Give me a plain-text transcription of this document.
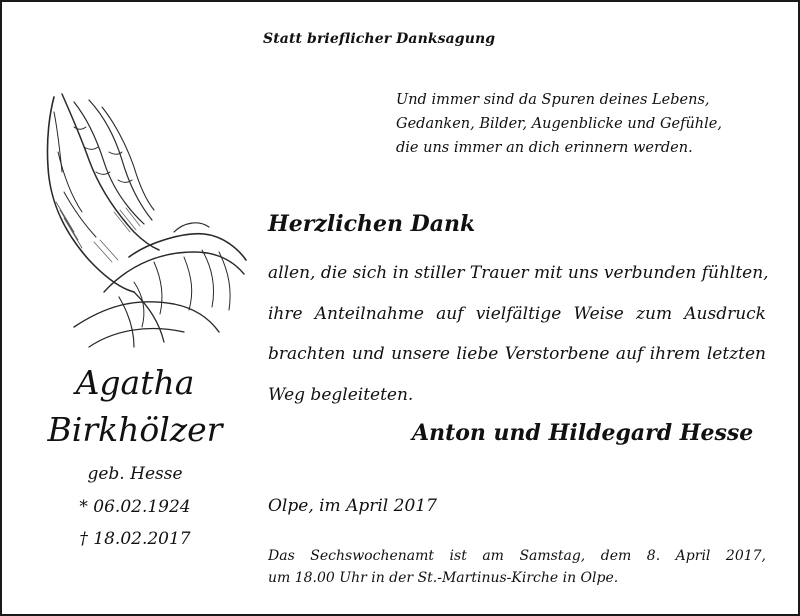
Statt brieflicher Danksagung
Und immer sind da Spuren deines Lebens,
Gedanken, Bilder, Augenblicke und Gefühle,
die uns immer an dich erinnern werden.
Agatha
Birkhölzer
geb. Hesse
* 06.02.1924
† 18.02.2017
Herzlichen Dank
allen, die sich in stiller Trauer mit uns verbunden fühlten,
ihre Anteilnahme auf vielfältige Weise zum Ausdruck
brachten und unsere liebe Verstorbene auf ihrem letzten
Weg begleiteten.
Anton und Hildegard Hesse
Olpe, im April 2017
Das Sechswochenamt ist am Samstag, dem 8. April 2017,
um 18.00 Uhr in der St.-Martinus-Kirche in Olpe.
